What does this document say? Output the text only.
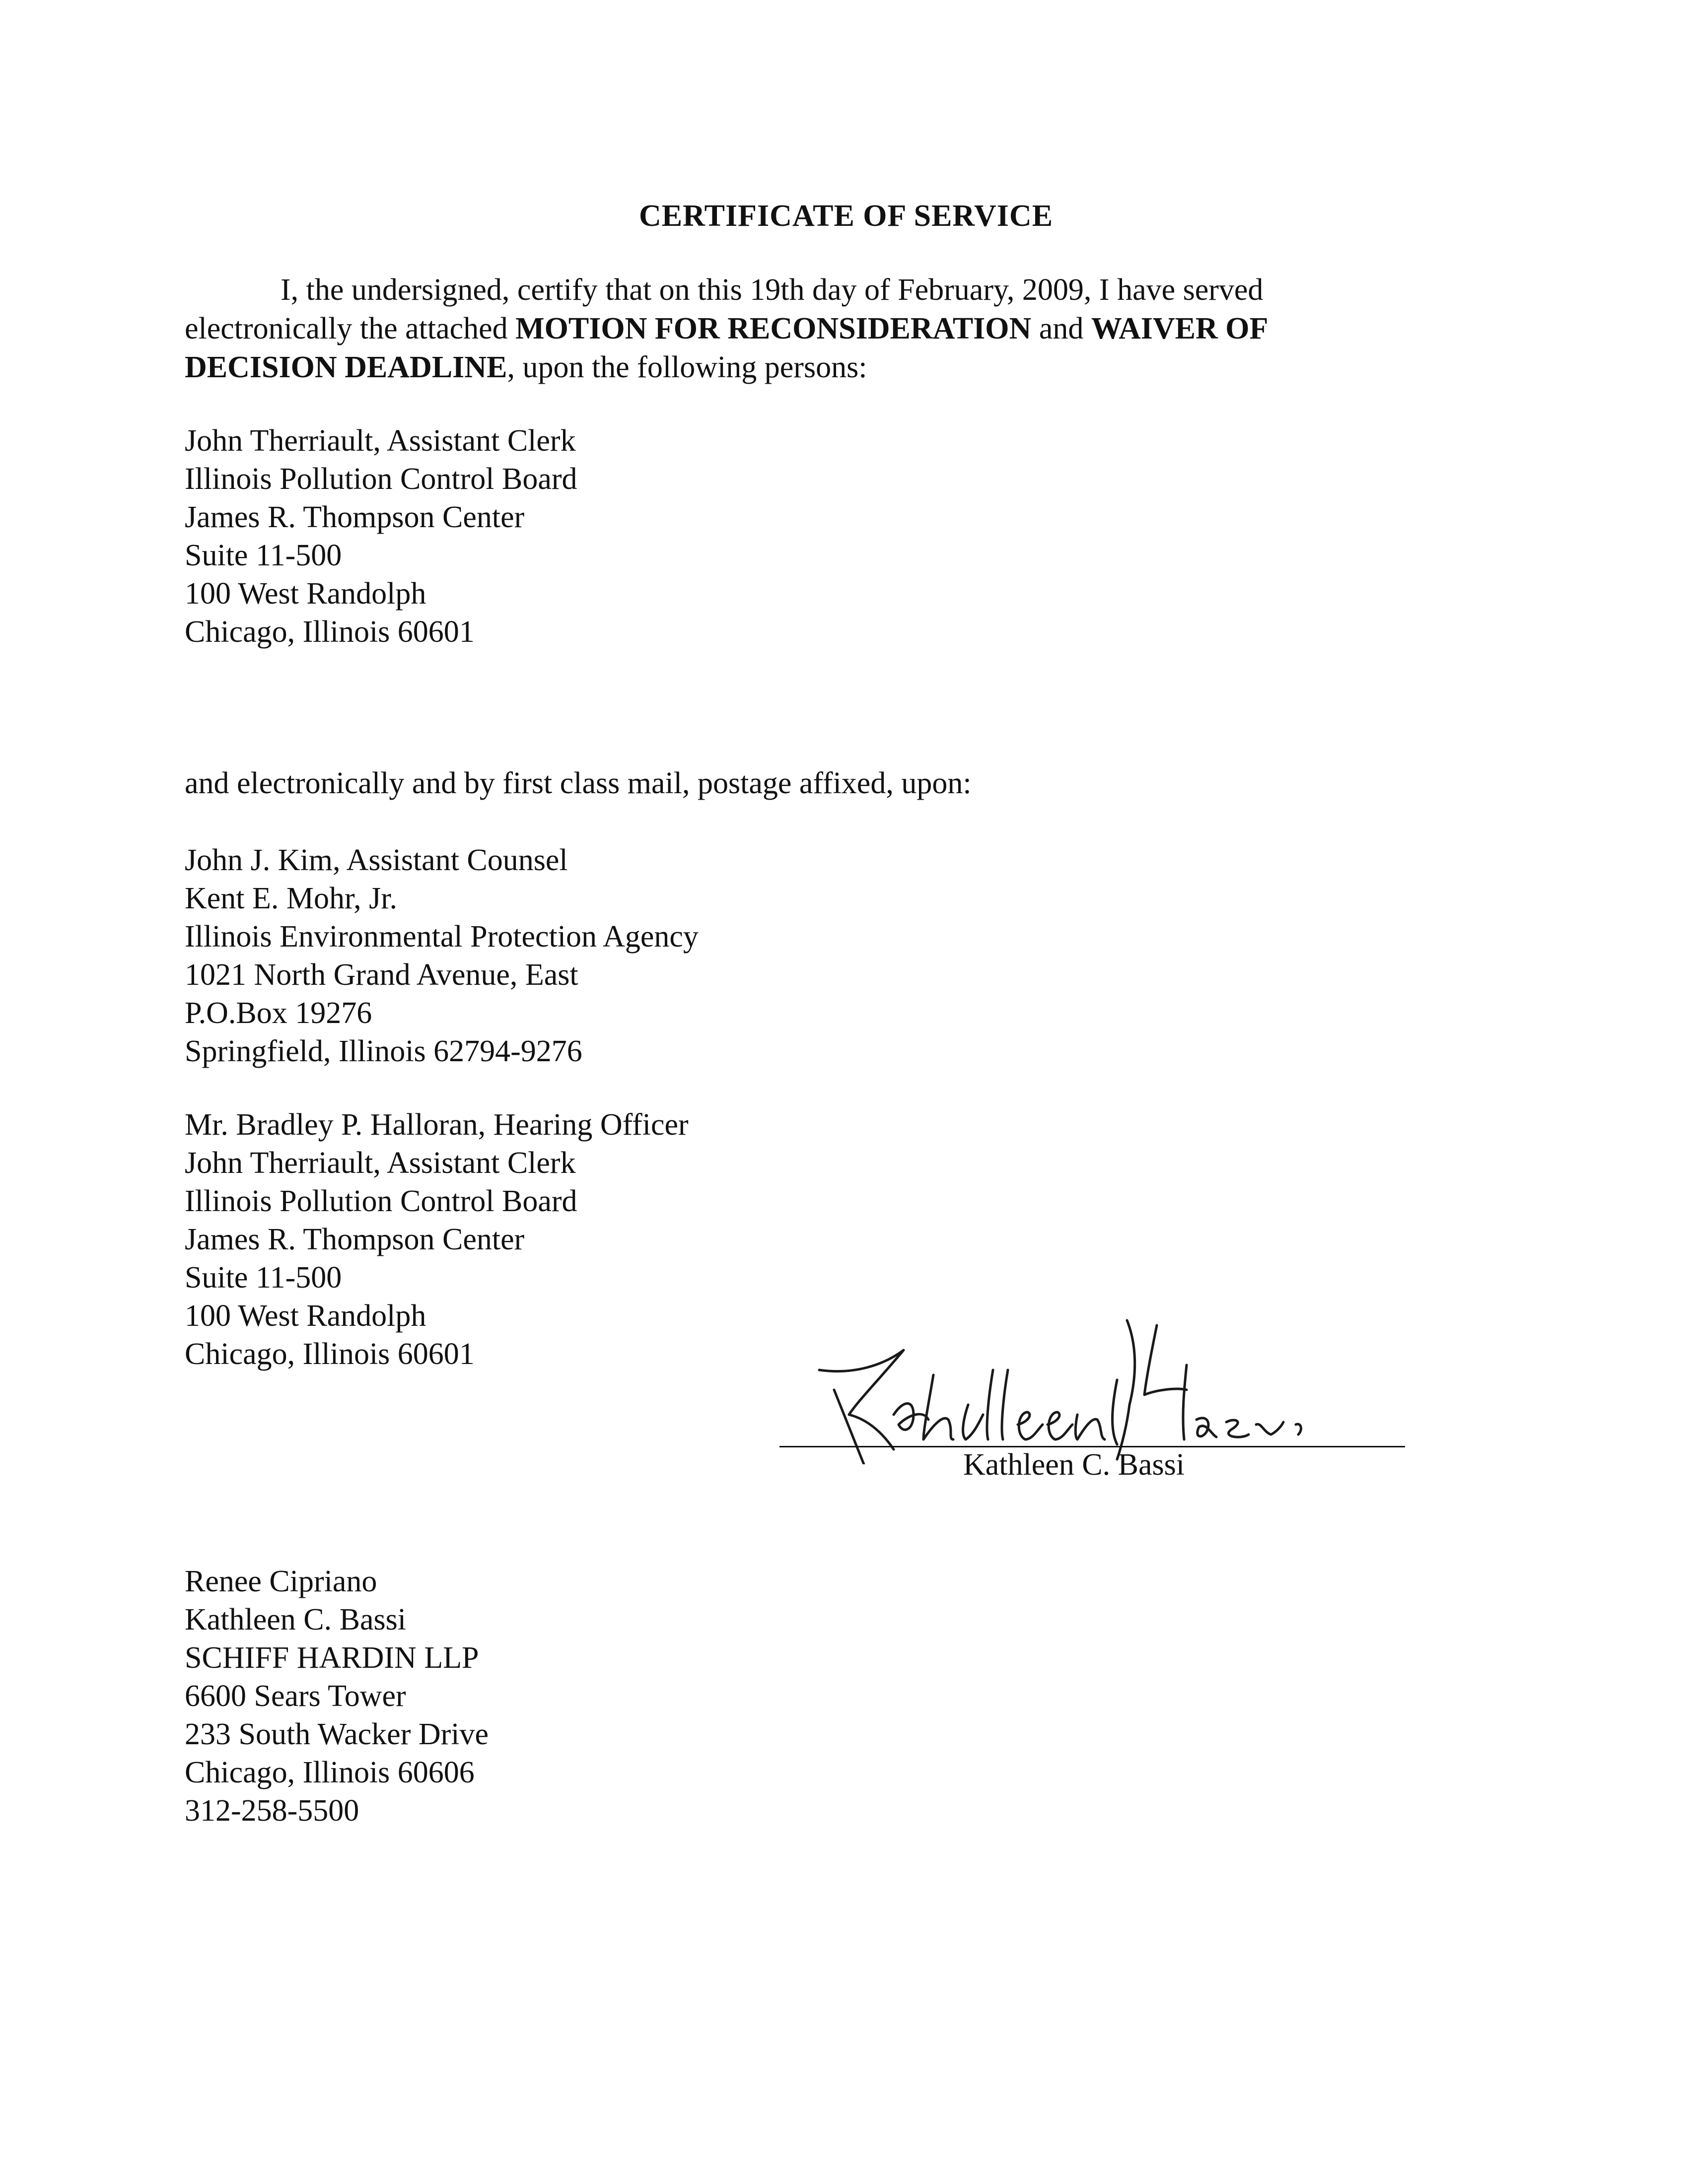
CERTIFICATE OF SERVICE
I, the undersigned, certify that on this 19th day of February, 2009, I have served
electronically the attached MOTION FOR RECONSIDERATION and WAIVER OF
DECISION DEADLINE, upon the following persons:
John Therriault, Assistant Clerk
Illinois Pollution Control Board
James R. Thompson Center
Suite 11-500
100 West Randolph
Chicago, Illinois 60601
and electronically and by first class mail, postage affixed, upon:
John J. Kim, Assistant Counsel
Kent E. Mohr, Jr.
Illinois Environmental Protection Agency
1021 North Grand Avenue, East
P.O.Box 19276
Springfield, Illinois 62794-9276
Mr. Bradley P. Halloran, Hearing Officer
John Therriault, Assistant Clerk
Illinois Pollution Control Board
James R. Thompson Center
Suite 11-500
100 West Randolph
Chicago, Illinois 60601
Kathleen C. Bassi
Renee Cipriano
Kathleen C. Bassi
SCHIFF HARDIN LLP
6600 Sears Tower
233 South Wacker Drive
Chicago, Illinois 60606
312-258-5500
